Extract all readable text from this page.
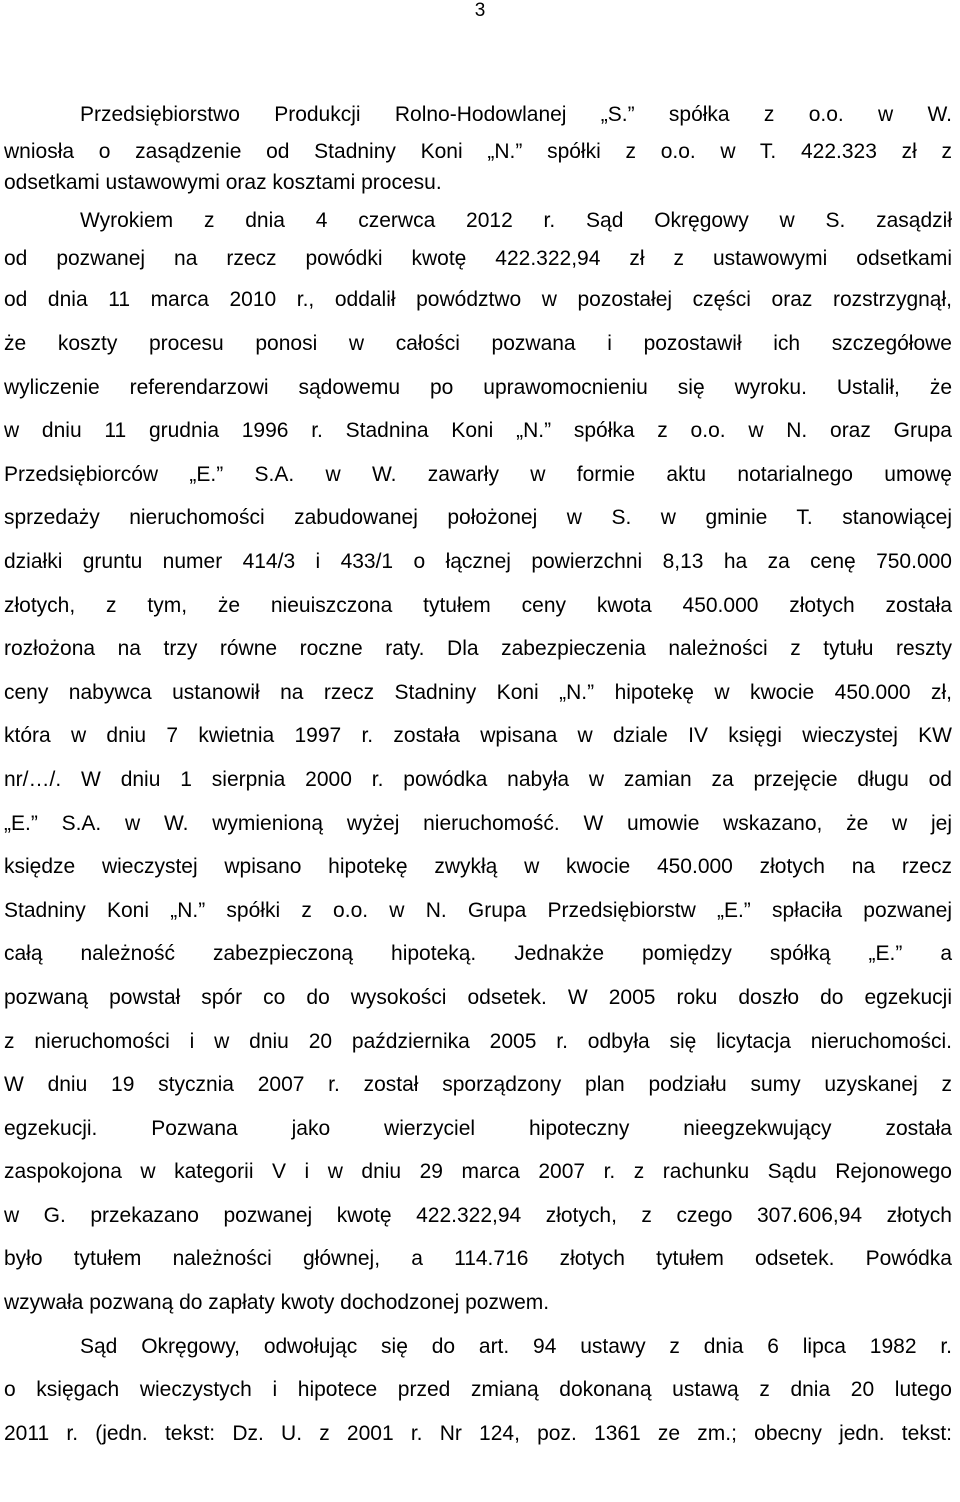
3
Przedsiębiorstwo Produkcji Rolno-Hodowlanej „S.” spółka z o.o. w W.
wniosła o zasądzenie od Stadniny Koni „N.” spółki z o.o. w T. 422.323 zł z
odsetkami ustawowymi oraz kosztami procesu.
Wyrokiem z dnia 4 czerwca 2012 r. Sąd Okręgowy w S. zasądził
od pozwanej na rzecz powódki kwotę 422.322,94 zł z ustawowymi odsetkami
od dnia 11 marca 2010 r., oddalił powództwo w pozostałej części oraz rozstrzygnął,
że koszty procesu ponosi w całości pozwana i pozostawił ich szczegółowe
wyliczenie referendarzowi sądowemu po uprawomocnieniu się wyroku. Ustalił, że
w dniu 11 grudnia 1996 r. Stadnina Koni „N.” spółka z o.o. w N. oraz Grupa
Przedsiębiorców „E.” S.A. w W. zawarły w formie aktu notarialnego umowę
sprzedaży nieruchomości zabudowanej położonej w S. w gminie T. stanowiącej
działki gruntu numer 414/3 i 433/1 o łącznej powierzchni 8,13 ha za cenę 750.000
złotych, z tym, że nieuiszczona tytułem ceny kwota 450.000 złotych została
rozłożona na trzy równe roczne raty. Dla zabezpieczenia należności z tytułu reszty
ceny nabywca ustanowił na rzecz Stadniny Koni „N.” hipotekę w kwocie 450.000 zł,
która w dniu 7 kwietnia 1997 r. została wpisana w dziale IV księgi wieczystej KW
nr/…/. W dniu 1 sierpnia 2000 r. powódka nabyła w zamian za przejęcie długu od
„E.” S.A. w W. wymienioną wyżej nieruchomość. W umowie wskazano, że w jej
księdze wieczystej wpisano hipotekę zwykłą w kwocie 450.000 złotych na rzecz
Stadniny Koni „N.” spółki z o.o. w N. Grupa Przedsiębiorstw „E.” spłaciła pozwanej
całą należność zabezpieczoną hipoteką. Jednakże pomiędzy spółką „E.” a
pozwaną powstał spór co do wysokości odsetek. W 2005 roku doszło do egzekucji
z nieruchomości i w dniu 20 października 2005 r. odbyła się licytacja nieruchomości.
W dniu 19 stycznia 2007 r. został sporządzony plan podziału sumy uzyskanej z
egzekucji. Pozwana jako wierzyciel hipoteczny nieegzekwujący została
zaspokojona w kategorii V i w dniu 29 marca 2007 r. z rachunku Sądu Rejonowego
w G. przekazano pozwanej kwotę 422.322,94 złotych, z czego 307.606,94 złotych
było tytułem należności głównej, a 114.716 złotych tytułem odsetek. Powódka
wzywała pozwaną do zapłaty kwoty dochodzonej pozwem.
Sąd Okręgowy, odwołując się do art. 94 ustawy z dnia 6 lipca 1982 r.
o księgach wieczystych i hipotece przed zmianą dokonaną ustawą z dnia 20 lutego
2011 r. (jedn. tekst: Dz. U. z 2001 r. Nr 124, poz. 1361 ze zm.; obecny jedn. tekst:
